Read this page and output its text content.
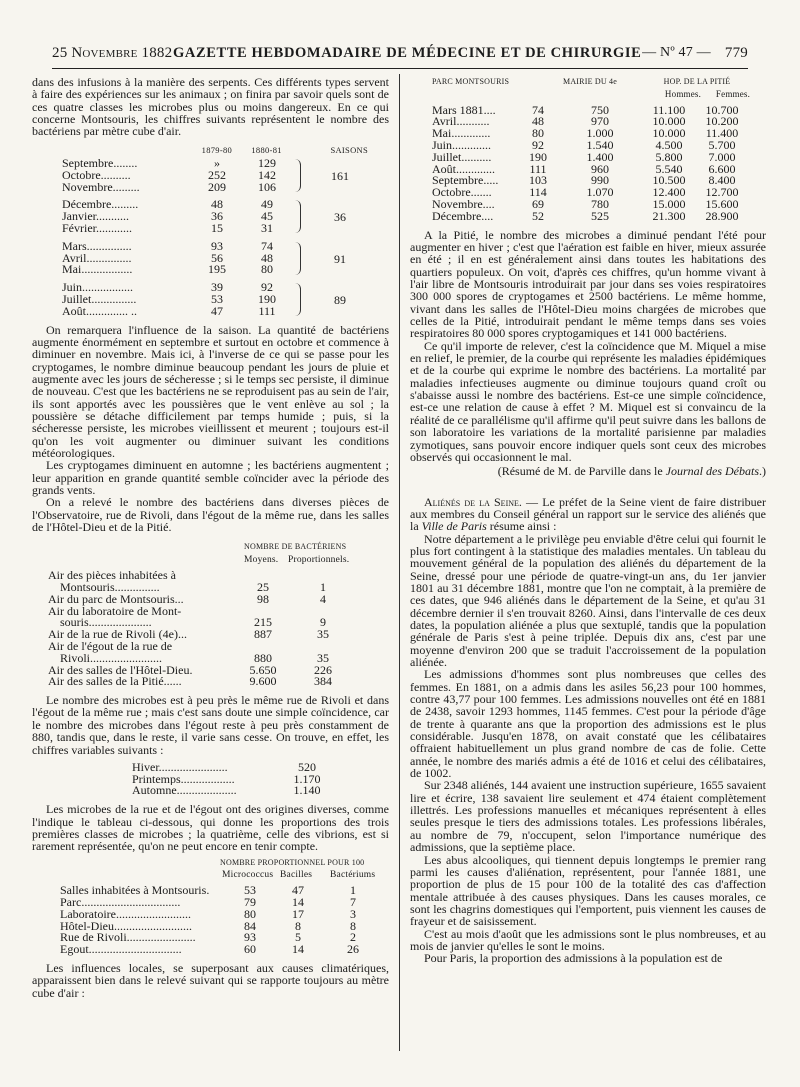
25 Novembre 1882 GAZETTE HEBDOMADAIRE DE MÉDECINE ET DE CHIRURGIE — Nº 47 — 779

dans des infusions à la manière des serpents. Ces différents types servent à faire des expériences sur les animaux ; on finira par savoir quels sont de ces quatre classes les microbes plus ou moins dangereux. En ce qui concerne Montsouris, les chiffres suivants représentent le nombre des bactériens par mètre cube d'air.

1879-80	1880-81	SAISONS
Septembre........	»	129
Octobre..........	252	142
Novembre.........	209	106
161
Décembre.........	48	49
Janvier...........	36	45
Février............	15	31
36
Mars...............	93	74
Avril...............	56	48
Mai.................	195	80
91
Juin.................	39	92
Juillet...............	53	190
Août.............. ..	47	111
89

On remarquera l'influence de la saison. La quantité de bactériens augmente énormément en septembre et surtout en octobre et commence à diminuer en novembre. Mais ici, à l'inverse de ce qui se passe pour les cryptogames, le nombre diminue beaucoup pendant les jours de pluie et augmente avec les jours de sécheresse ; si le temps sec persiste, il diminue de nouveau. C'est que les bactériens ne se reproduisent pas au sein de l'air, ils sont apportés avec les poussières que le vent enlève au sol ; la poussière se détache difficilement par temps humide ; puis, si la sécheresse persiste, les microbes vieillissent et meurent ; toujours est-il qu'on les voit augmenter ou diminuer suivant les conditions météorologiques.

Les cryptogames diminuent en automne ; les bactériens augmentent ; leur apparition en grande quantité semble coïncider avec la période des grands vents.

On a relevé le nombre des bactériens dans diverses pièces de l'Observatoire, rue de Rivoli, dans l'égout de la même rue, dans les salles de l'Hôtel-Dieu et de la Pitié.

NOMBRE DE BACTÉRIENS
Moyens.	Proportionnels.
Air des pièces inhabitées à
Montsouris...............	25	1
Air du parc de Montsouris...	98	4
Air du laboratoire de Mont-
souris.....................	215	9
Air de la rue de Rivoli (4e)...	887	35
Air de l'égout de la rue de
Rivoli........................	880	35
Air des salles de l'Hôtel-Dieu.	5.650	226
Air des salles de la Pitié......	9.600	384

Le nombre des microbes est à peu près le même rue de Rivoli et dans l'égout de la même rue ; mais c'est sans doute une simple coïncidence, car le nombre des microbes dans l'égout reste à peu près constamment de 880, tandis que, dans le reste, il varie sans cesse. On trouve, en effet, les chiffres variables suivants :

Hiver.......................	520
Printemps..................	1.170
Automne....................	1.140

Les microbes de la rue et de l'égout ont des origines diverses, comme l'indique le tableau ci-dessous, qui donne les proportions des trois premières classes de microbes ; la quatrième, celle des vibrions, est si rarement représentée, qu'on ne peut encore en tenir compte.

NOMBRE PROPORTIONNEL POUR 100
Micrococcus Bacilles	Bactériums
Salles inhabitées à Montsouris.	53	47	1
Parc.................................	79	14	7
Laboratoire.........................	80	17	3
Hôtel-Dieu..........................	84	8	8
Rue de Rivoli.......................	93	5	2
Egout...............................	60	14	26

Les influences locales, se superposant aux causes climatériques, apparaissent bien dans le relevé suivant qui se rapporte toujours au mètre cube d'air :

PARC MONTSOURIS	MAIRIE DU 4e	HOP. DE LA PITIÉ
Hommes.	Femmes.
Mars 1881....	74	750	11.100	10.700
Avril...........	48	970	10.000	10.200
Mai.............	80	1.000	10.000	11.400
Juin.............	92	1.540	4.500	5.700
Juillet..........	190	1.400	5.800	7.000
Août.............	111	960	5.540	6.600
Septembre.....	103	990	10.500	8.400
Octobre.......	114	1.070	12.400	12.700
Novembre....	69	780	15.000	15.600
Décembre....	52	525	21.300	28.900

A la Pitié, le nombre des microbes a diminué pendant l'été pour augmenter en hiver ; c'est que l'aération est faible en hiver, mieux assurée en été ; il en est généralement ainsi dans toutes les habitations des quartiers populeux. On voit, d'après ces chiffres, qu'un homme vivant à l'air libre de Montsouris introduirait par jour dans ses voies respiratoires 300 000 spores de cryptogames et 2500 bactériens. Le même homme, vivant dans les salles de l'Hôtel-Dieu moins chargées de microbes que celles de la Pitié, introduirait pendant le même temps dans ses voies respiratoires 80 000 spores cryptogamiques et 141 000 bactériens.

Ce qu'il importe de relever, c'est la coïncidence que M. Miquel a mise en relief, le premier, de la courbe qui représente les maladies épidémiques et de la courbe qui exprime le nombre des bactériens. La mortalité par maladies infectieuses augmente ou diminue toujours quand croît ou s'abaisse aussi le nombre des bactériens. Est-ce une simple coïncidence, est-ce une relation de cause à effet ? M. Miquel est si convaincu de la réalité de ce parallélisme qu'il affirme qu'il peut suivre dans les ballons de son laboratoire les variations de la mortalité parisienne par maladies zymotiques, sans pouvoir encore indiquer quels sont ceux des microbes observés qui occasionnent le mal.

(Résumé de M. de Parville dans le Journal des Débats.)

Aliénés de la Seine. — Le préfet de la Seine vient de faire distribuer aux membres du Conseil général un rapport sur le service des aliénés que la Ville de Paris résume ainsi :

Notre département a le privilège peu enviable d'être celui qui fournit le plus fort contingent à la statistique des maladies mentales. Un tableau du mouvement général de la population des aliénés du département de la Seine, dressé pour une période de quatre-vingt-un ans, du 1er janvier 1801 au 31 décembre 1881, montre que l'on ne comptait, à la première de ces dates, que 946 aliénés dans le département de la Seine, et qu'au 31 décembre dernier il s'en trouvait 8260. Ainsi, dans l'intervalle de ces deux dates, la population aliénée a plus que sextuplé, tandis que la population générale de Paris s'est à peine triplée. Depuis dix ans, c'est par une moyenne d'environ 200 que se traduit l'accroissement de la population aliénée.

Les admissions d'hommes sont plus nombreuses que celles des femmes. En 1881, on a admis dans les asiles 56,23 pour 100 hommes, contre 43,77 pour 100 femmes. Les admissions nouvelles ont été en 1881 de 2438, savoir 1293 hommes, 1145 femmes. C'est pour la période d'âge de trente à quarante ans que la proportion des admissions est le plus considérable. Jusqu'en 1878, on avait constaté que les célibataires offraient habituellement un plus grand nombre de cas de folie. Cette année, le nombre des mariés admis a été de 1016 et celui des célibataires, de 1002.

Sur 2348 aliénés, 144 avaient une instruction supérieure, 1655 savaient lire et écrire, 138 savaient lire seulement et 474 étaient complètement illettrés. Les professions manuelles et mécaniques représentent à elles seules presque le tiers des admissions totales. Les professions libérales, au nombre de 79, n'occupent, selon l'importance numérique des admissions, que la septième place.

Les abus alcooliques, qui tiennent depuis longtemps le premier rang parmi les causes d'aliénation, représentent, pour l'année 1881, une proportion de plus de 15 pour 100 de la totalité des cas d'affection mentale attribuée à des causes physiques. Dans les causes morales, ce sont les chagrins domestiques qui l'emportent, puis viennent les causes de frayeur et de saisissement.

C'est au mois d'août que les admissions sont le plus nombreuses, et au mois de janvier qu'elles le sont le moins.

Pour Paris, la proportion des admissions à la population est de
